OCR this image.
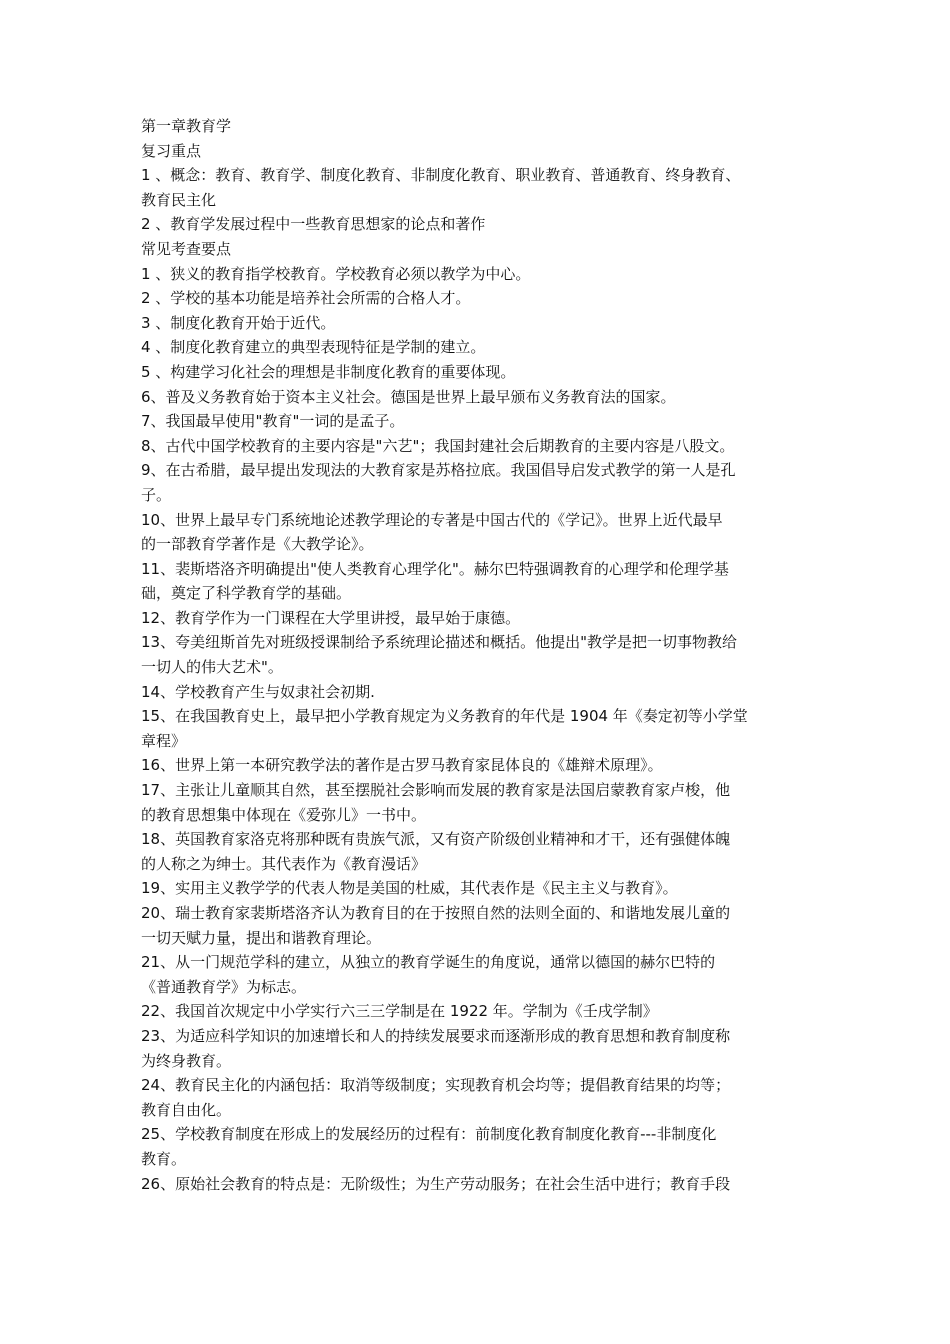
第一章教育学
复习重点
1 、概念：教育、教育学、制度化教育、非制度化教育、职业教育、普通教育、终身教育、
教育民主化
2 、教育学发展过程中一些教育思想家的论点和著作
常见考查要点
1 、狭义的教育指学校教育。学校教育必须以教学为中心。
2 、学校的基本功能是培养社会所需的合格人才。
3 、制度化教育开始于近代。
4 、制度化教育建立的典型表现特征是学制的建立。
5 、构建学习化社会的理想是非制度化教育的重要体现。
6、普及义务教育始于资本主义社会。德国是世界上最早颁布义务教育法的国家。
7、我国最早使用"教育"一词的是孟子。
8、古代中国学校教育的主要内容是"六艺"；我国封建社会后期教育的主要内容是八股文。
9、在古希腊，最早提出发现法的大教育家是苏格拉底。我国倡导启发式教学的第一人是孔
子。
10、世界上最早专门系统地论述教学理论的专著是中国古代的《学记》。世界上近代最早
的一部教育学著作是《大教学论》。
11、裴斯塔洛齐明确提出"使人类教育心理学化"。赫尔巴特强调教育的心理学和伦理学基
础，奠定了科学教育学的基础。
12、教育学作为一门课程在大学里讲授，最早始于康德。
13、夸美纽斯首先对班级授课制给予系统理论描述和概括。他提出"教学是把一切事物教给
一切人的伟大艺术"。
14、学校教育产生与奴隶社会初期.
15、在我国教育史上，最早把小学教育规定为义务教育的年代是 1904 年《奏定初等小学堂
章程》
16、世界上第一本研究教学法的著作是古罗马教育家昆体良的《雄辩术原理》。
17、主张让儿童顺其自然，甚至摆脱社会影响而发展的教育家是法国启蒙教育家卢梭，他
的教育思想集中体现在《爱弥儿》一书中。
18、英国教育家洛克将那种既有贵族气派，又有资产阶级创业精神和才干，还有强健体魄
的人称之为绅士。其代表作为《教育漫话》
19、实用主义教学学的代表人物是美国的杜威，其代表作是《民主主义与教育》。
20、瑞士教育家裴斯塔洛齐认为教育目的在于按照自然的法则全面的、和谐地发展儿童的
一切天赋力量，提出和谐教育理论。
21、从一门规范学科的建立，从独立的教育学诞生的角度说，通常以德国的赫尔巴特的
《普通教育学》为标志。
22、我国首次规定中小学实行六三三学制是在 1922 年。学制为《壬戌学制》
23、为适应科学知识的加速增长和人的持续发展要求而逐渐形成的教育思想和教育制度称
为终身教育。
24、教育民主化的内涵包括：取消等级制度；实现教育机会均等；提倡教育结果的均等；
教育自由化。
25、学校教育制度在形成上的发展经历的过程有：前制度化教育制度化教育---非制度化
教育。
26、原始社会教育的特点是：无阶级性；为生产劳动服务；在社会生活中进行；教育手段
